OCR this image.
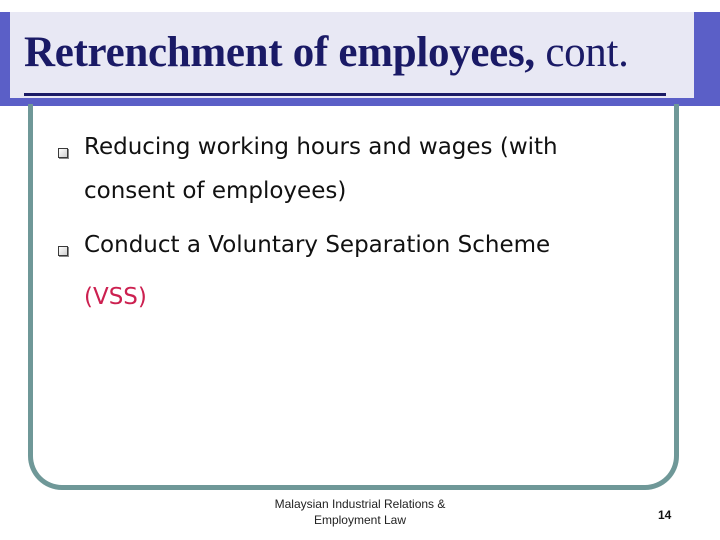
Retrenchment of employees, cont.

Reducing working hours and wages (with

consent of employees)

Conduct a Voluntary Separation Scheme

(VSS)

Malaysian Industrial Relations &
Employment Law	14
